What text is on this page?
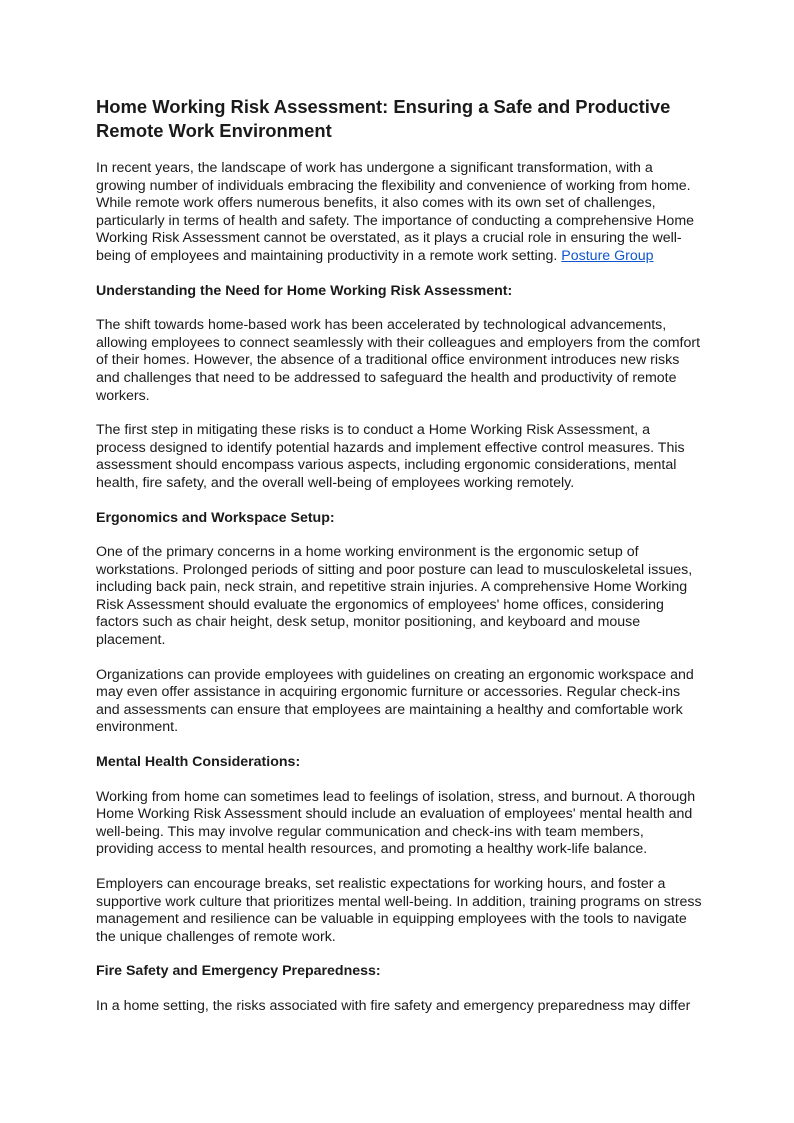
Home Working Risk Assessment: Ensuring a Safe and Productive Remote Work Environment

In recent years, the landscape of work has undergone a significant transformation, with a growing number of individuals embracing the flexibility and convenience of working from home. While remote work offers numerous benefits, it also comes with its own set of challenges, particularly in terms of health and safety. The importance of conducting a comprehensive Home Working Risk Assessment cannot be overstated, as it plays a crucial role in ensuring the well-being of employees and maintaining productivity in a remote work setting. Posture Group

Understanding the Need for Home Working Risk Assessment:

The shift towards home-based work has been accelerated by technological advancements, allowing employees to connect seamlessly with their colleagues and employers from the comfort of their homes. However, the absence of a traditional office environment introduces new risks and challenges that need to be addressed to safeguard the health and productivity of remote workers.

The first step in mitigating these risks is to conduct a Home Working Risk Assessment, a process designed to identify potential hazards and implement effective control measures. This assessment should encompass various aspects, including ergonomic considerations, mental health, fire safety, and the overall well-being of employees working remotely.

Ergonomics and Workspace Setup:

One of the primary concerns in a home working environment is the ergonomic setup of workstations. Prolonged periods of sitting and poor posture can lead to musculoskeletal issues, including back pain, neck strain, and repetitive strain injuries. A comprehensive Home Working Risk Assessment should evaluate the ergonomics of employees' home offices, considering factors such as chair height, desk setup, monitor positioning, and keyboard and mouse placement.

Organizations can provide employees with guidelines on creating an ergonomic workspace and may even offer assistance in acquiring ergonomic furniture or accessories. Regular check-ins and assessments can ensure that employees are maintaining a healthy and comfortable work environment.

Mental Health Considerations:

Working from home can sometimes lead to feelings of isolation, stress, and burnout. A thorough Home Working Risk Assessment should include an evaluation of employees' mental health and well-being. This may involve regular communication and check-ins with team members, providing access to mental health resources, and promoting a healthy work-life balance.

Employers can encourage breaks, set realistic expectations for working hours, and foster a supportive work culture that prioritizes mental well-being. In addition, training programs on stress management and resilience can be valuable in equipping employees with the tools to navigate the unique challenges of remote work.

Fire Safety and Emergency Preparedness:

In a home setting, the risks associated with fire safety and emergency preparedness may differ
